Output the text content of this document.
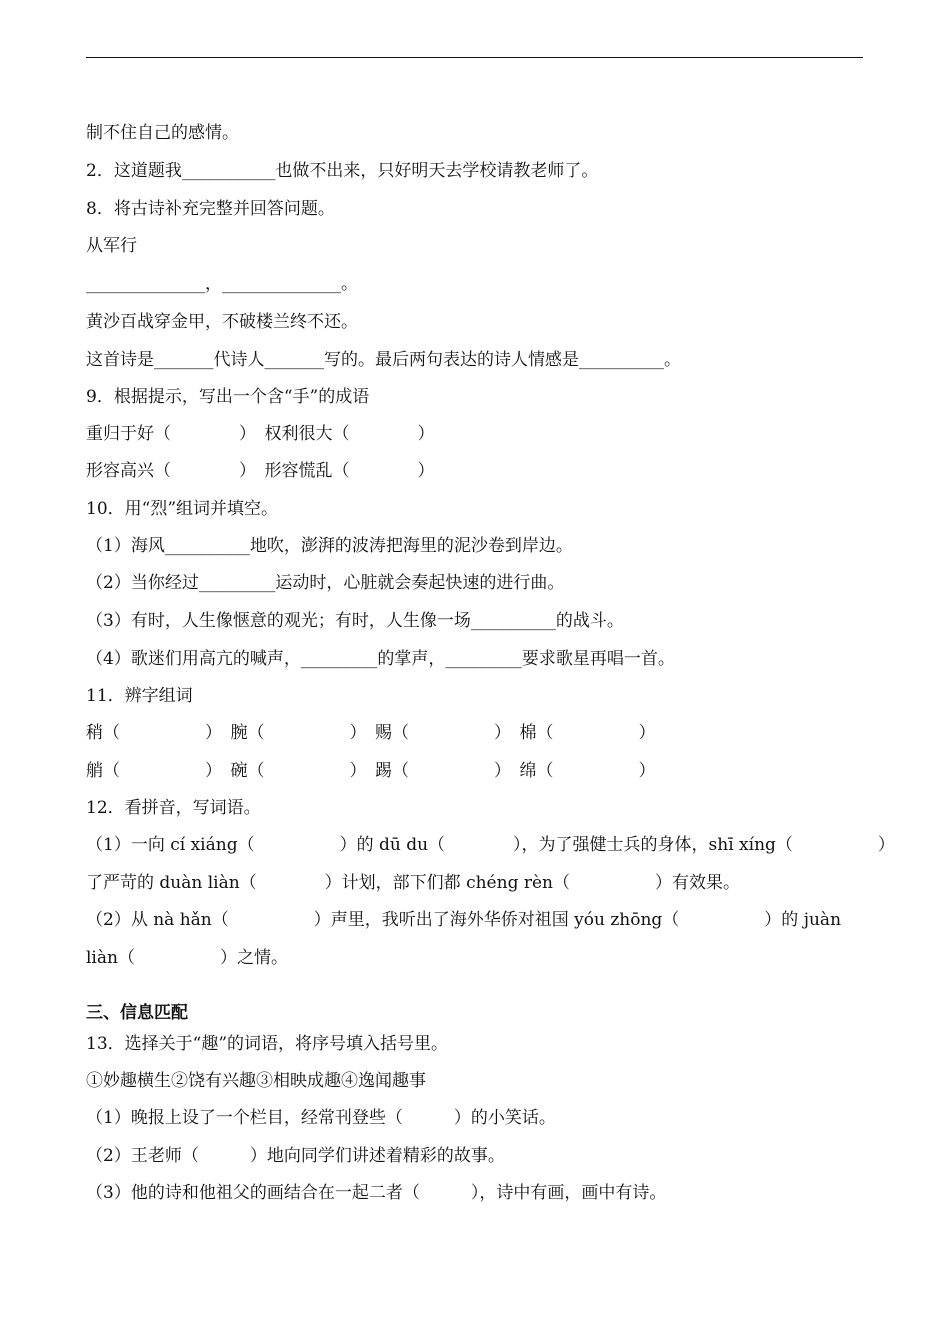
制不住自己的感情。
2．这道题我___________也做不出来，只好明天去学校请教老师了。
8．将古诗补充完整并回答问题。
从军行
______________，______________。
黄沙百战穿金甲，不破楼兰终不还。
这首诗是_______代诗人_______写的。最后两句表达的诗人情感是__________。
9．根据提示，写出一个含“手”的成语
重归于好（　　　　）　权利很大（　　　　）
形容高兴（　　　　）　形容慌乱（　　　　）
10．用“烈”组词并填空。
（1）海风__________地吹，澎湃的波涛把海里的泥沙卷到岸边。
（2）当你经过_________运动时，心脏就会奏起快速的进行曲。
（3）有时，人生像惬意的观光；有时，人生像一场__________的战斗。
（4）歌迷们用高亢的喊声，_________的掌声，_________要求歌星再唱一首。
11．辨字组词
稍（　　　　　）　腕（　　　　　）　赐（　　　　　）　棉（　　　　　）
艄（　　　　　）　碗（　　　　　）　踢（　　　　　）　绵（　　　　　）
12．看拼音，写词语。
（1）一向 cí xiáng（　　　　　）的 dū du（　　　　），为了强健士兵的身体，shī xíng（　　　　　）
了严苛的 duàn liàn（　　　　）计划，部下们都 chéng rèn（　　　　　）有效果。
（2）从 nà hǎn（　　　　　）声里，我听出了海外华侨对祖国 yóu zhōng（　　　　　）的 juàn
liàn（　　　　　）之情。
三、信息匹配
13．选择关于“趣”的词语，将序号填入括号里。
①妙趣横生②饶有兴趣③相映成趣④逸闻趣事
（1）晚报上设了一个栏目，经常刊登些（　　　）的小笑话。
（2）王老师（　　　）地向同学们讲述着精彩的故事。
（3）他的诗和他祖父的画结合在一起二者（　　　），诗中有画，画中有诗。
